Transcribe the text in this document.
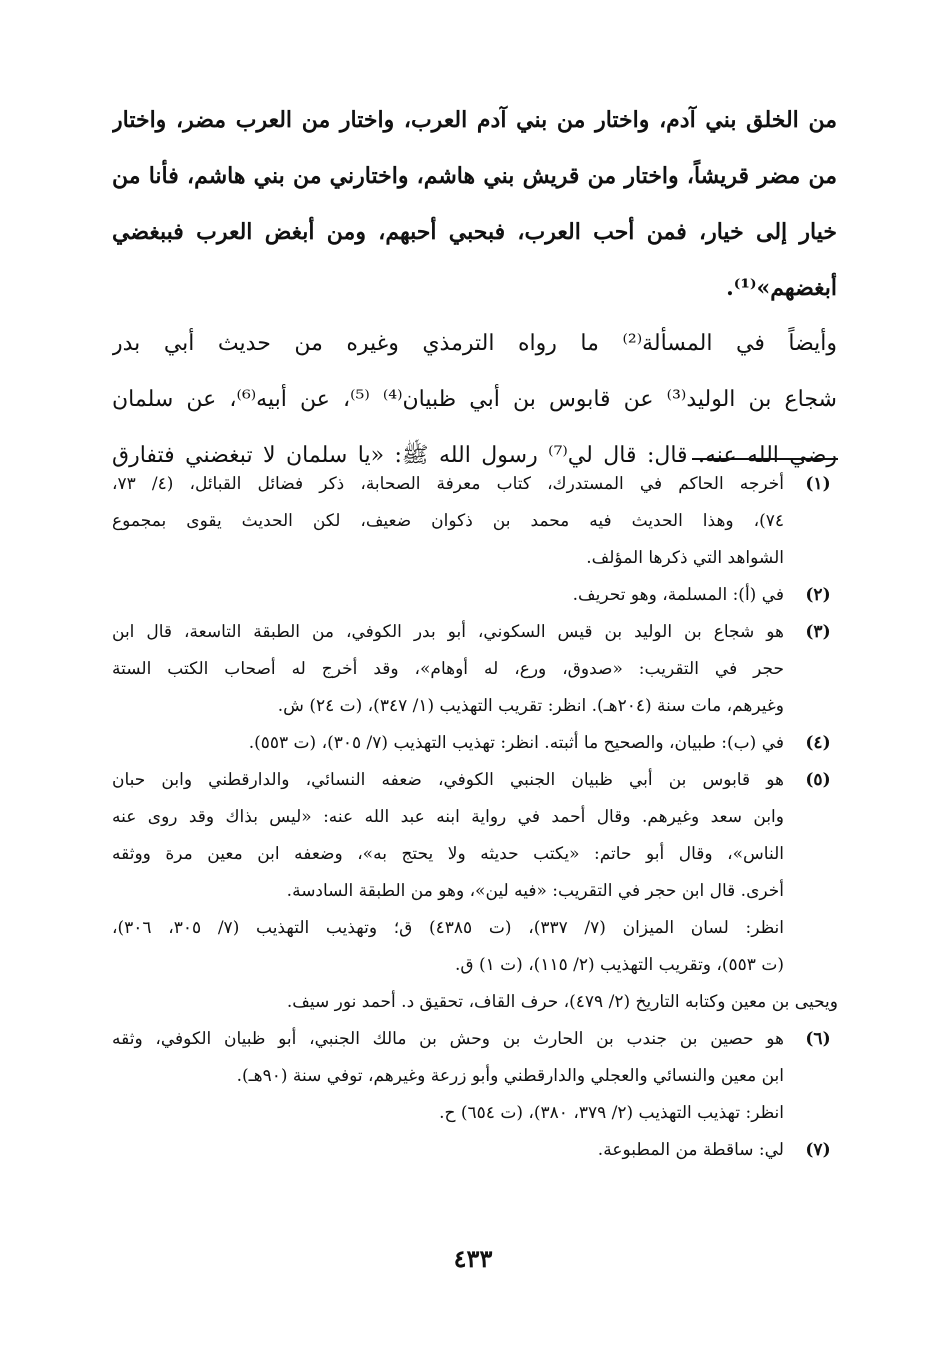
من الخلق بني آدم، واختار من بني آدم العرب، واختار من العرب مضر، واختار
من مضر قريشاً، واختار من قريش بني هاشم، واختارني من بني هاشم، فأنا من
خيار إلى خيار، فمن أحب العرب، فبحبي أحبهم، ومن أبغض العرب فببغضي
أبغضهم»⁽¹⁾.
وأيضاً في المسألة⁽²⁾ ما رواه الترمذي وغيره من حديث أبي بدر
شجاع بن الوليد⁽³⁾ عن قابوس بن أبي ظبيان⁽⁴⁾ ⁽⁵⁾، عن أبيه⁽⁶⁾، عن سلمان
رضي الله عنه. قال: قال لي⁽⁷⁾ رسول الله ﷺ: «يا سلمان لا تبغضني فتفارق
(١)
أخرجه الحاكم في المستدرك، كتاب معرفة الصحابة، ذكر فضائل القبائل، (٤/ ٧٣،
٧٤)، وهذا الحديث فيه محمد بن ذكوان ضعيف، لكن الحديث يقوى بمجموع
الشواهد التي ذكرها المؤلف.
(٢)
في (أ): المسلمة، وهو تحريف.
(٣)
هو شجاع بن الوليد بن قيس السكوني، أبو بدر الكوفي، من الطبقة التاسعة، قال ابن
حجر في التقريب: «صدوق، ورع، له أوهام»، وقد أخرج له أصحاب الكتب الستة
وغيرهم، مات سنة (٢٠٤هـ). انظر: تقريب التهذيب (١/ ٣٤٧)، (ت ٢٤) ش.
(٤)
في (ب): طبيان، والصحيح ما أثبته. انظر: تهذيب التهذيب (٧/ ٣٠٥)، (ت ٥٥٣).
(٥)
هو قابوس بن أبي ظبيان الجنبي الكوفي، ضعفه النسائي، والدارقطني وابن حبان
وابن سعد وغيرهم. وقال أحمد في رواية ابنه عبد الله عنه: «ليس بذاك وقد روى عنه
الناس»، وقال أبو حاتم: «يكتب حديثه ولا يحتج به»، وضعفه ابن معين مرة ووثقه
أخرى. قال ابن حجر في التقريب: «فيه لين»، وهو من الطبقة السادسة.
انظر: لسان الميزان (٧/ ٣٣٧)، (ت ٤٣٨٥) ق؛ وتهذيب التهذيب (٧/ ٣٠٥، ٣٠٦)،
(ت ٥٥٣)، وتقريب التهذيب (٢/ ١١٥)، (ت ١) ق.
ويحيى بن معين وكتابه التاريخ (٢/ ٤٧٩)، حرف القاف، تحقيق د. أحمد نور سيف.
(٦)
هو حصين بن جندب بن الحارث بن وحش بن مالك الجنبي، أبو ظبيان الكوفي، وثقه
ابن معين والنسائي والعجلي والدارقطني وأبو زرعة وغيرهم، توفي سنة (٩٠هـ).
انظر: تهذيب التهذيب (٢/ ٣٧٩، ٣٨٠)، (ت ٦٥٤) ح.
(٧)
لي: ساقطة من المطبوعة.
٤٣٣
